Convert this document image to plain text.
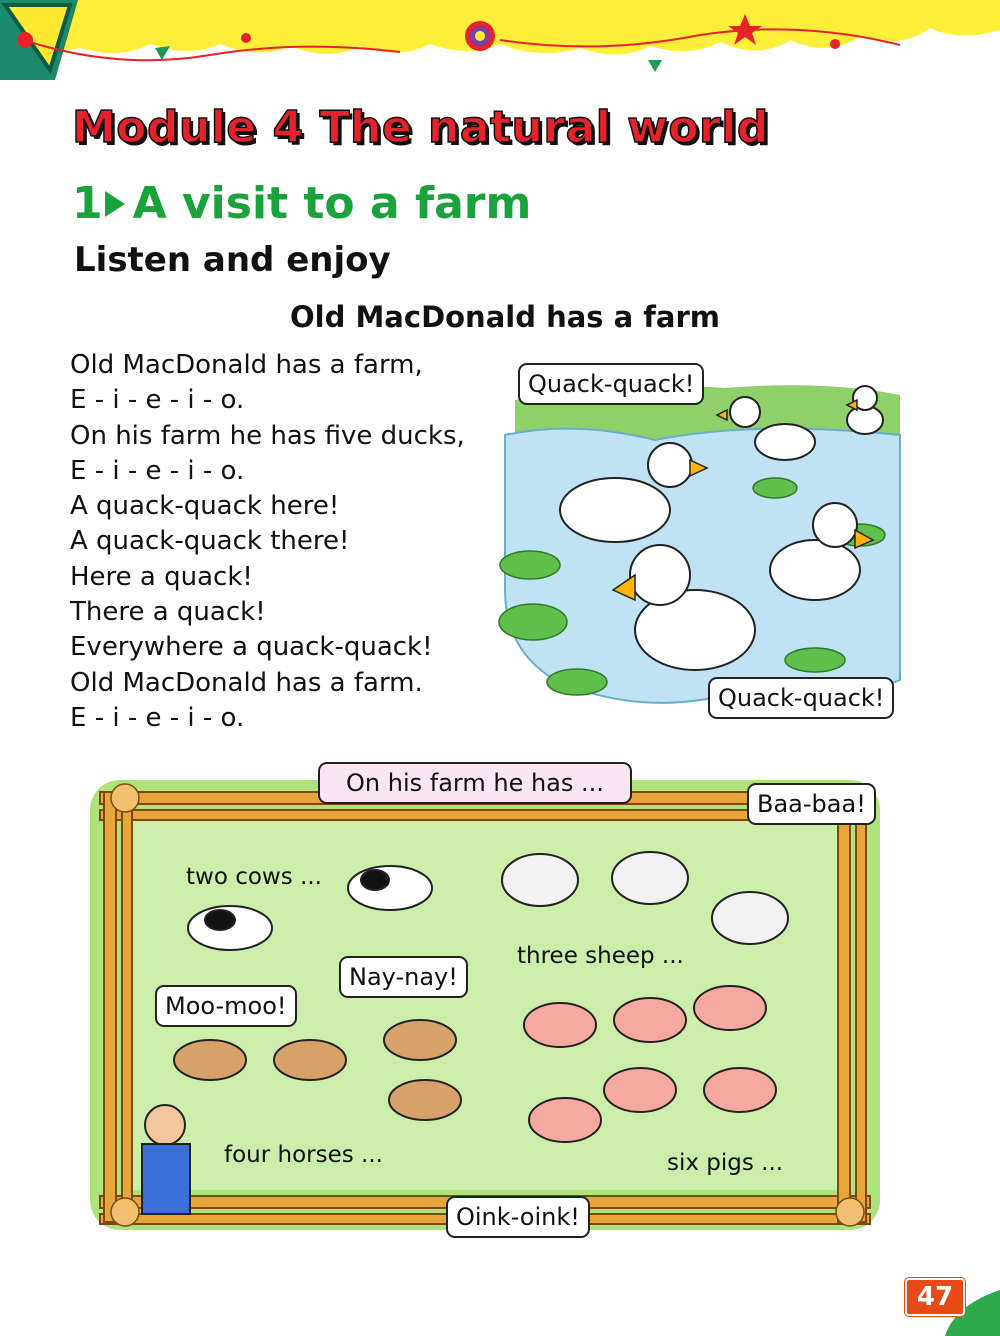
Module 4 The natural world
1 A visit to a farm
Listen and enjoy
Old MacDonald has a farm
Old MacDonald has a farm,
E - i - e - i - o.
On his farm he has five ducks,
E - i - e - i - o.
A quack-quack here!
A quack-quack there!
Here a quack!
There a quack!
Everywhere a quack-quack!
Old MacDonald has a farm.
E - i - e - i - o.
Quack-quack!
Quack-quack!
On his farm he has ...
two cows ...
three sheep ...
four horses ...	six pigs ...
Baa-baa!
Moo-moo!
Nay-nay!
Oink-oink!
47
